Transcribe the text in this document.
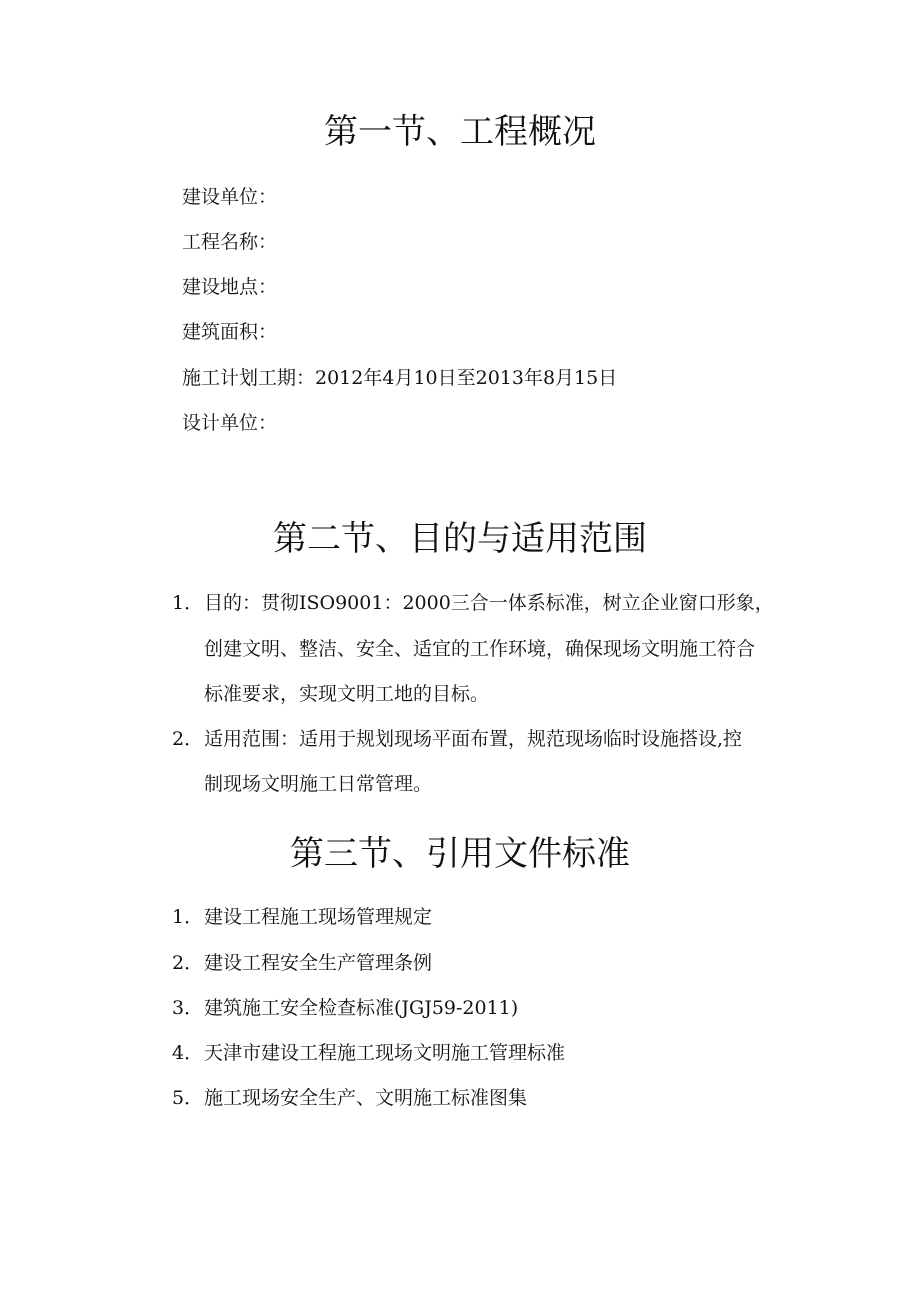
第一节、工程概况

建设单位：

工程名称：

建设地点：

建筑面积：

施工计划工期：2012年4月10日至2013年8月15日

设计单位：

第二节、目的与适用范围

1．目的：贯彻ISO9001：2000三合一体系标准，树立企业窗口形象，

创建文明、整洁、安全、适宜的工作环境，确保现场文明施工符合

标准要求，实现文明工地的目标。

2．适用范围：适用于规划现场平面布置，规范现场临时设施搭设,控

制现场文明施工日常管理。

第三节、引用文件标准

1．建设工程施工现场管理规定

2．建设工程安全生产管理条例

3．建筑施工安全检查标准(JGJ59-2011)

4．天津市建设工程施工现场文明施工管理标准

5．施工现场安全生产、文明施工标准图集
